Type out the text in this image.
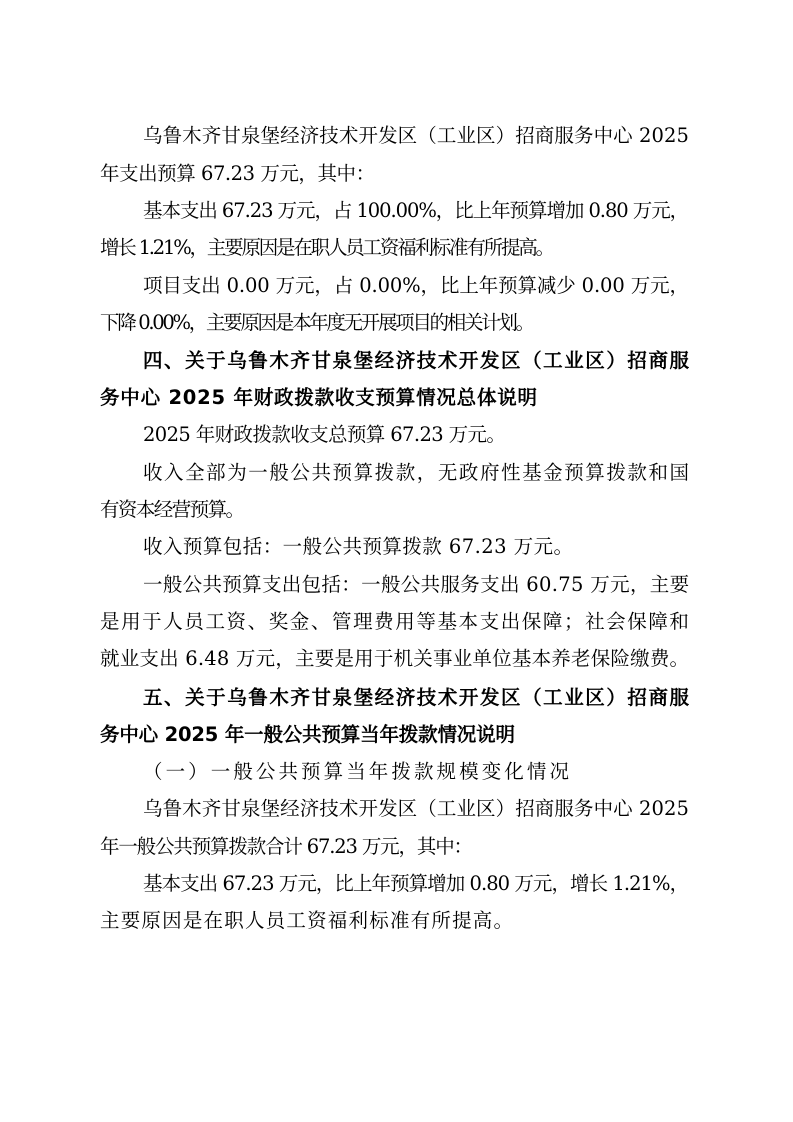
乌鲁木齐甘泉堡经济技术开发区（工业区）招商服务中心 2025

年支出预算 67.23 万元，其中：

基本支出 67.23 万元，占 100.00%，比上年预算增加 0.80 万元，

增长 1.21%，主要原因是在职人员工资福利标准有所提高。

项目支出 0.00 万元，占 0.00%，比上年预算减少 0.00 万元，

下降 0.00%，主要原因是本年度无开展项目的相关计划。

四、关于乌鲁木齐甘泉堡经济技术开发区（工业区）招商服

务中心 2025 年财政拨款收支预算情况总体说明

2025 年财政拨款收支总预算 67.23 万元。

收入全部为一般公共预算拨款，无政府性基金预算拨款和国

有资本经营预算。

收入预算包括：一般公共预算拨款 67.23 万元。

一般公共预算支出包括：一般公共服务支出 60.75 万元，主要

是用于人员工资、奖金、管理费用等基本支出保障；社会保障和

就业支出 6.48 万元，主要是用于机关事业单位基本养老保险缴费。

五、关于乌鲁木齐甘泉堡经济技术开发区（工业区）招商服

务中心 2025 年一般公共预算当年拨款情况说明

（一）一般公共预算当年拨款规模变化情况

乌鲁木齐甘泉堡经济技术开发区（工业区）招商服务中心 2025

年一般公共预算拨款合计 67.23 万元，其中：

基本支出 67.23 万元，比上年预算增加 0.80 万元，增长 1.21%，

主要原因是在职人员工资福利标准有所提高。
